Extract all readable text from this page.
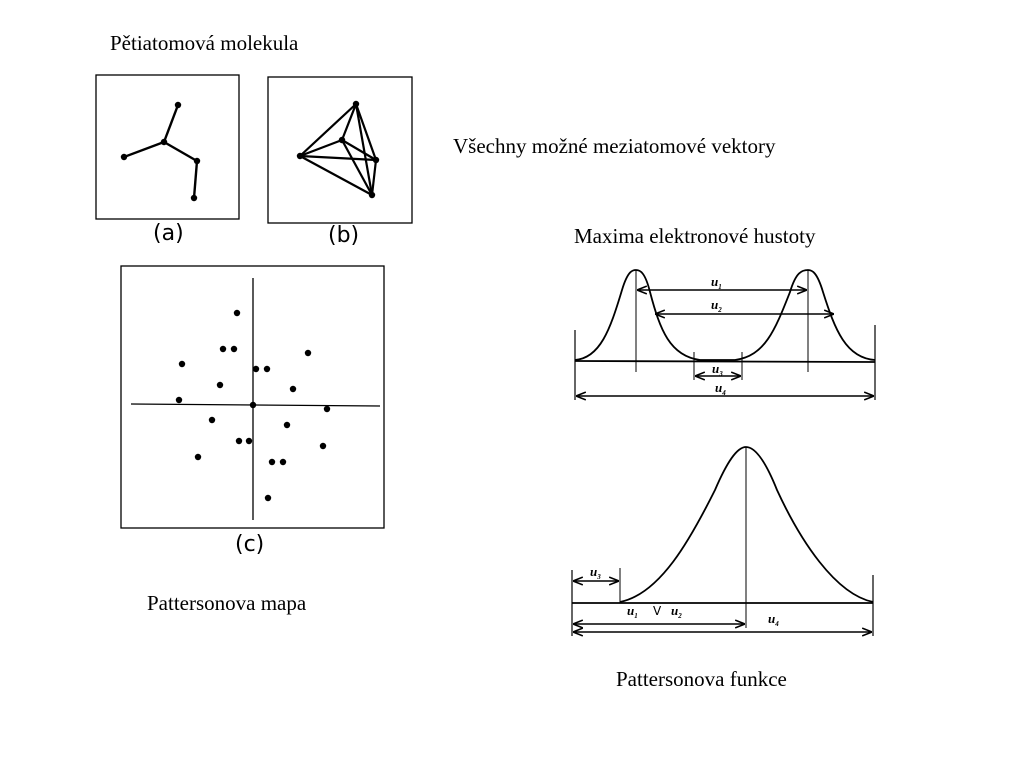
Pětiatomová molekula
Všechny možné meziatomové vektory
Maxima elektronové hustoty
Pattersonova mapa
Pattersonova funkce
(a)	(b)
(c)
$u_1$
$u_2$
$u_3$
$u_4$
$u_3$
$u_1$ V $u_2$	$u_4$
